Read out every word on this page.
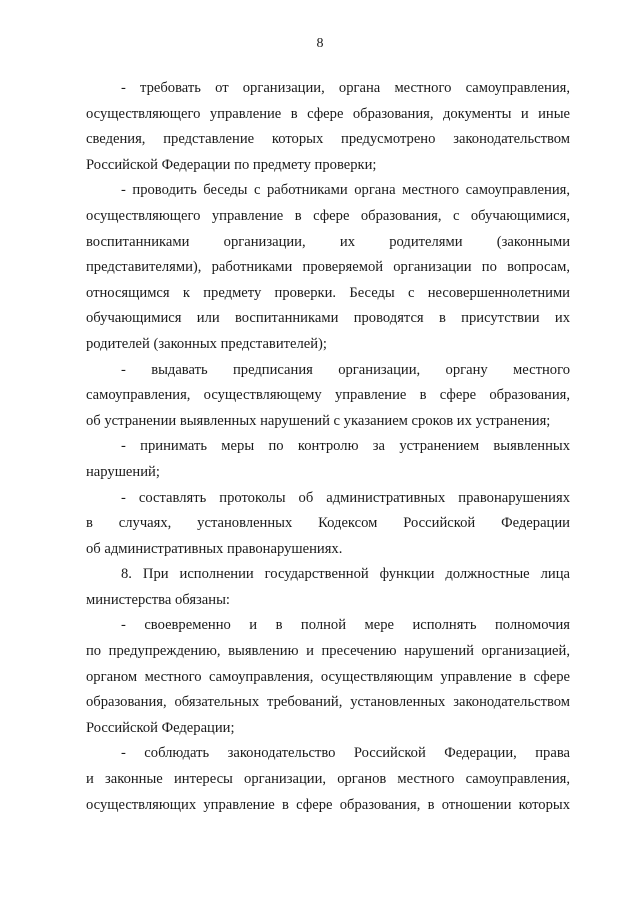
8
- требовать от организации, органа местного самоуправления,
осуществляющего управление в сфере образования, документы и иные
сведения, представление которых предусмотрено законодательством
Российской Федерации по предмету проверки;
- проводить беседы с работниками органа местного самоуправления,
осуществляющего управление в сфере образования, с обучающимися,
воспитанниками организации, их родителями (законными
представителями), работниками проверяемой организации по вопросам,
относящимся к предмету проверки. Беседы с несовершеннолетними
обучающимися или воспитанниками проводятся в присутствии их
родителей (законных представителей);
- выдавать предписания организации, органу местного
самоуправления, осуществляющему управление в сфере образования,
об устранении выявленных нарушений с указанием сроков их устранения;
- принимать меры по контролю за устранением выявленных
нарушений;
- составлять протоколы об административных правонарушениях
в случаях, установленных Кодексом Российской Федерации
об административных правонарушениях.
8. При исполнении государственной функции должностные лица
министерства обязаны:
- своевременно и в полной мере исполнять полномочия
по предупреждению, выявлению и пресечению нарушений организацией,
органом местного самоуправления, осуществляющим управление в сфере
образования, обязательных требований, установленных законодательством
Российской Федерации;
- соблюдать законодательство Российской Федерации, права
и законные интересы организации, органов местного самоуправления,
осуществляющих управление в сфере образования, в отношении которых
